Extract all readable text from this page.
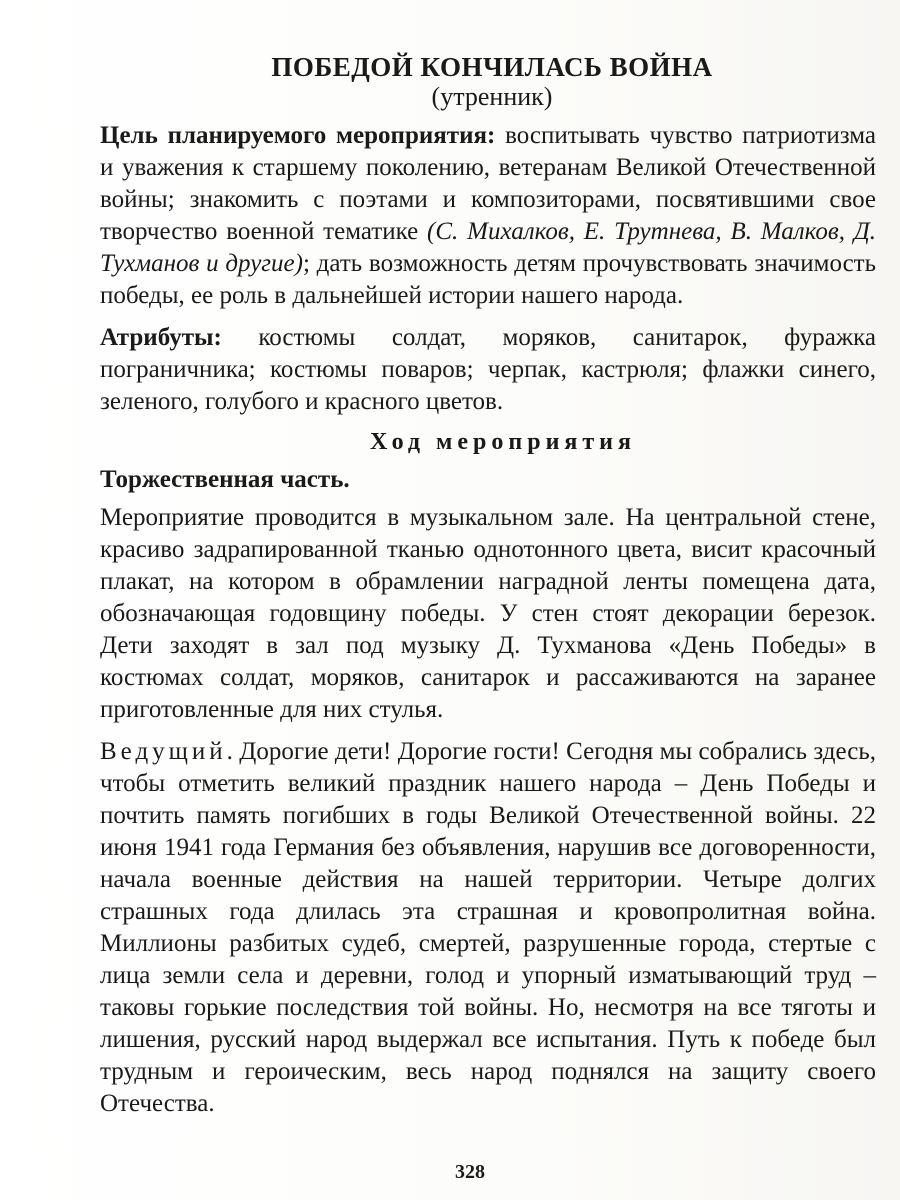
ПОБЕДОЙ КОНЧИЛАСЬ ВОЙНА
(утренник)

Цель планируемого мероприятия: воспитывать чувство патриотизма и уважения к старшему поколению, ветеранам Великой Отечественной войны; знакомить с поэтами и композиторами, посвятившими свое творчество военной тематике (С. Михалков, Е. Трутнева, В. Малков, Д. Тухманов и другие); дать возможность детям прочувствовать значимость победы, ее роль в дальнейшей истории нашего народа.

Атрибуты: костюмы солдат, моряков, санитарок, фуражка пограничника; костюмы поваров; черпак, кастрюля; флажки синего, зеленого, голубого и красного цветов.

Ход мероприятия
Торжественная часть.

Мероприятие проводится в музыкальном зале. На центральной стене, красиво задрапированной тканью однотонного цвета, висит красочный плакат, на котором в обрамлении наградной ленты помещена дата, обозначающая годовщину победы. У стен стоят декорации березок. Дети заходят в зал под музыку Д. Тухманова «День Победы» в костюмах солдат, моряков, санитарок и рассаживаются на заранее приготовленные для них стулья.

Ведущий. Дорогие дети! Дорогие гости! Сегодня мы собрались здесь, чтобы отметить великий праздник нашего народа – День Победы и почтить память погибших в годы Великой Отечественной войны. 22 июня 1941 года Германия без объявления, нарушив все договоренности, начала военные действия на нашей территории. Четыре долгих страшных года длилась эта страшная и кровопролитная война. Миллионы разбитых судеб, смертей, разрушенные города, стертые с лица земли села и деревни, голод и упорный изматывающий труд – таковы горькие последствия той войны. Но, несмотря на все тяготы и лишения, русский народ выдержал все испытания. Путь к победе был трудным и героическим, весь народ поднялся на защиту своего Отечества.

328
